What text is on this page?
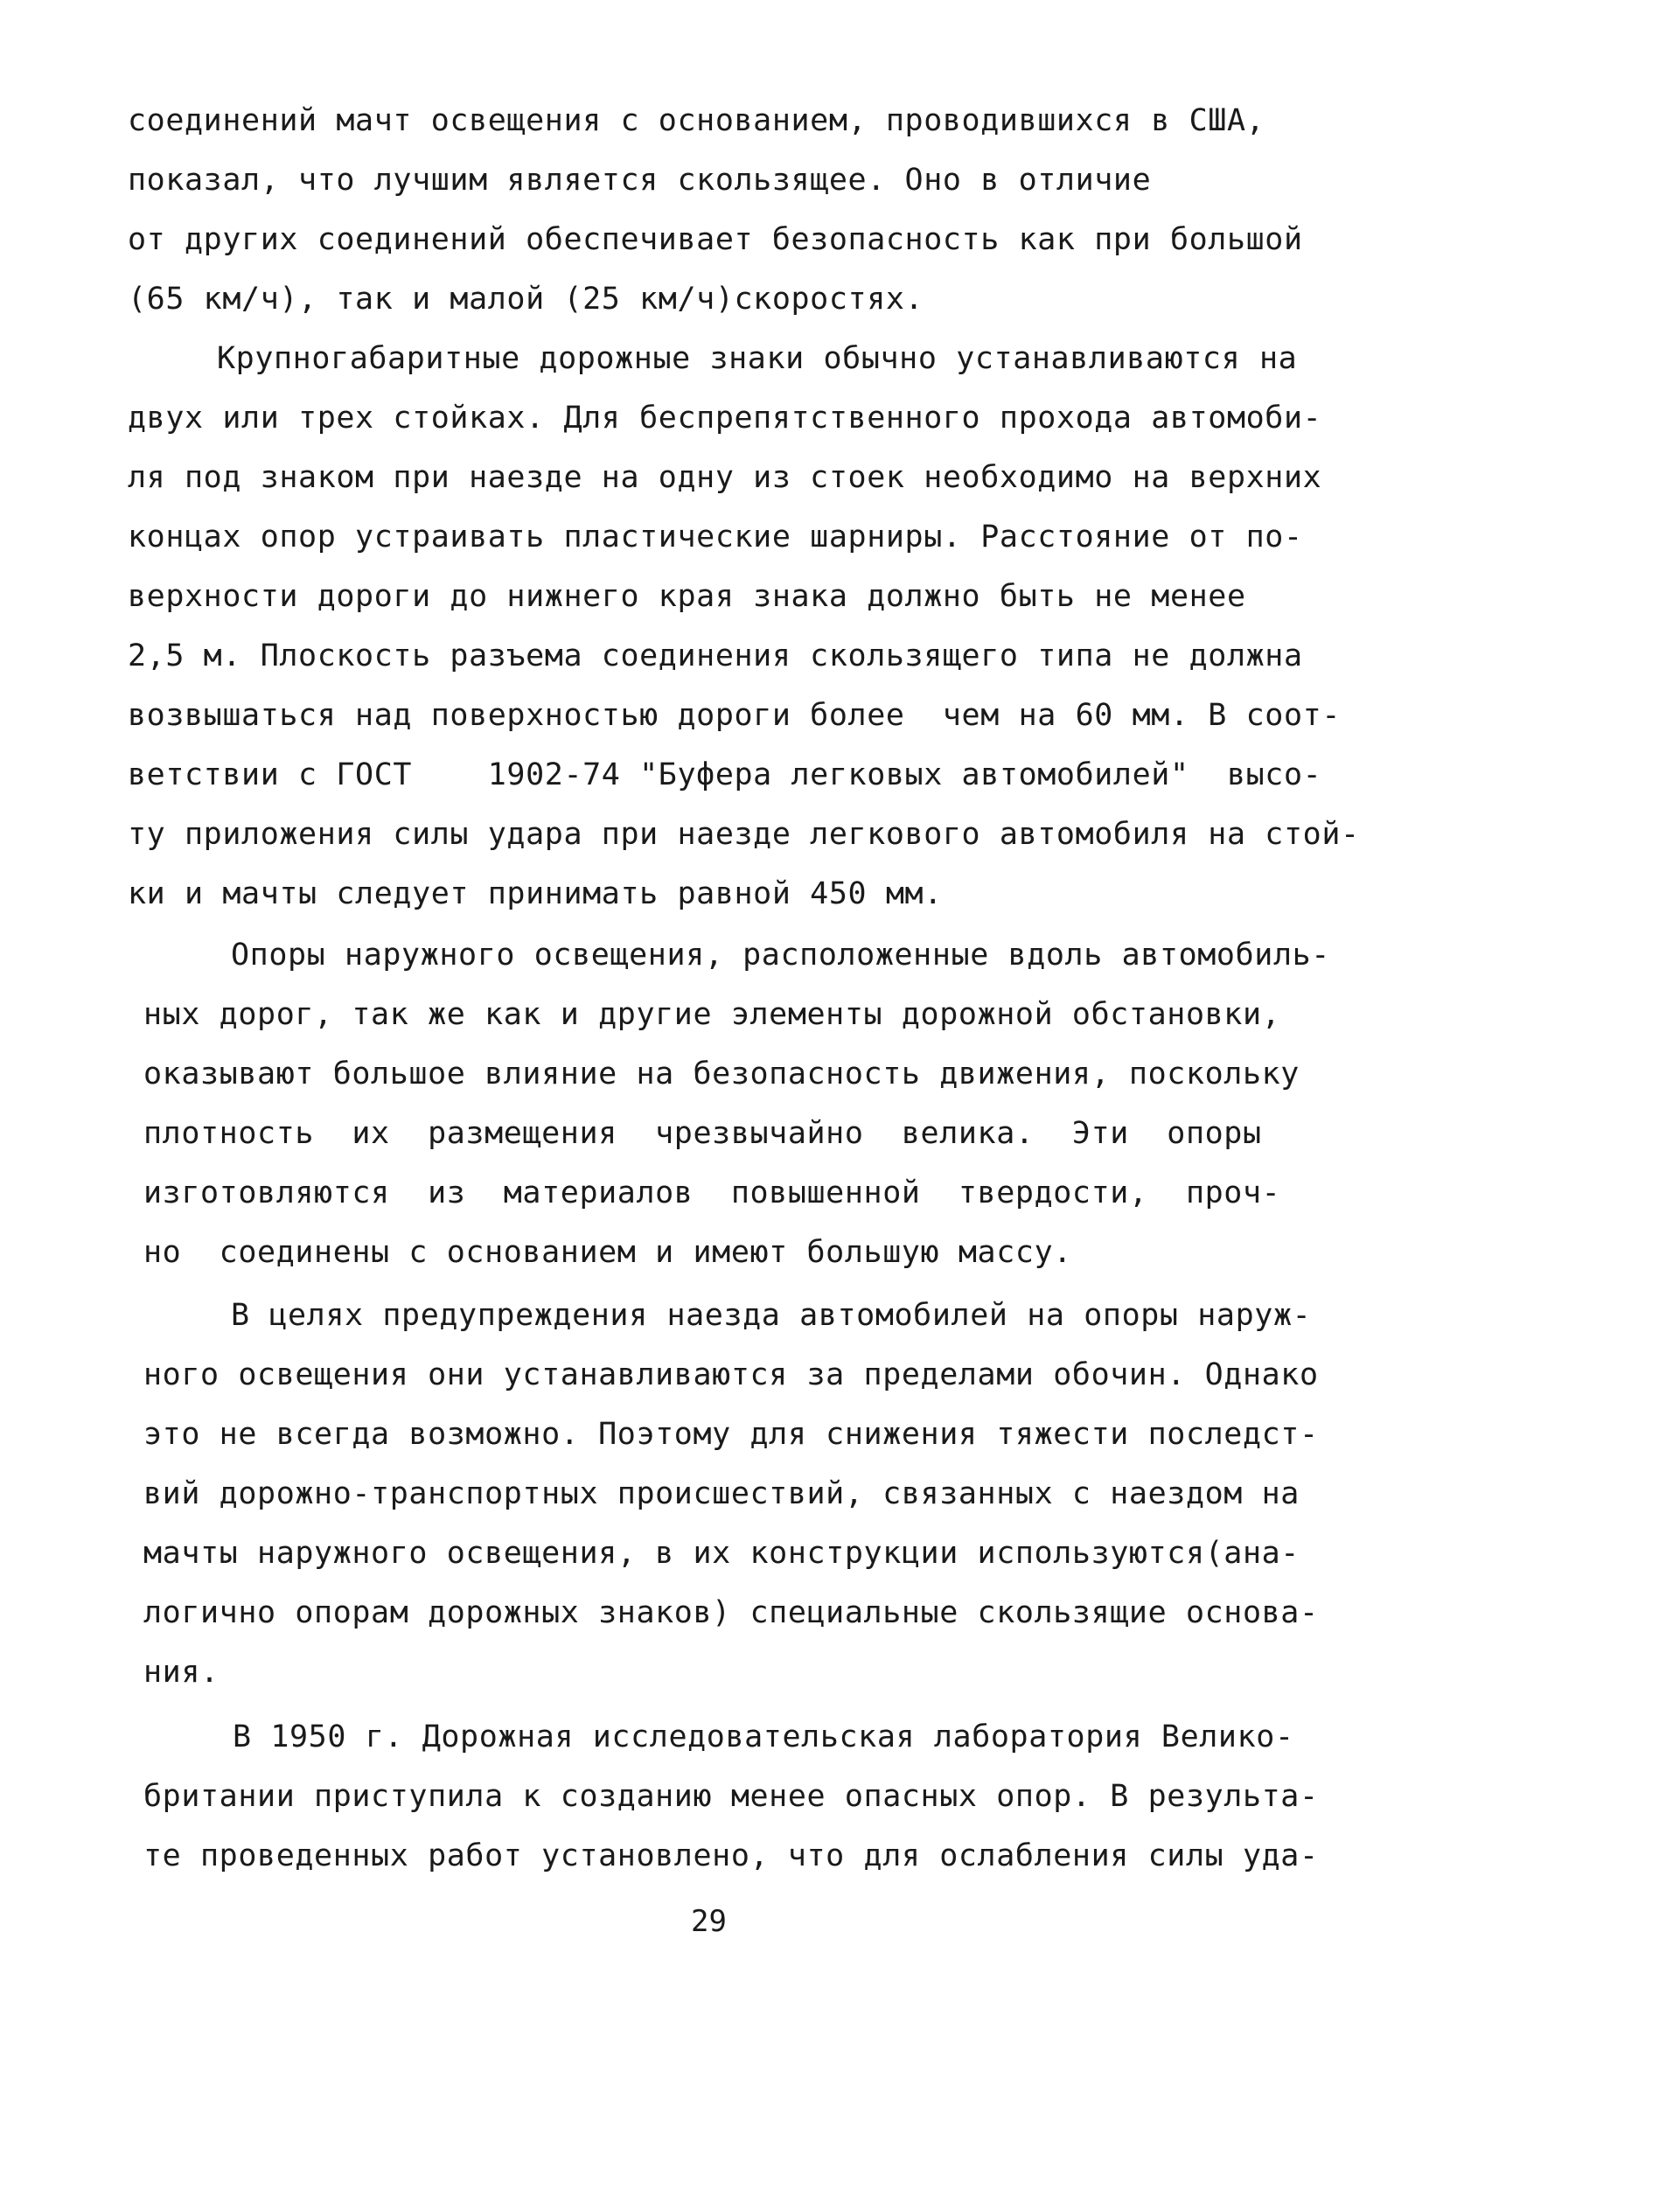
соединений мачт освещения с основанием, проводившихся в США,
показал, что лучшим является скользящее. Оно в отличие
от других соединений обеспечивает безопасность как при большой
(65 км/ч), так и малой (25 км/ч)скоростях.
Крупногабаритные дорожные знаки обычно устанавливаются на
двух или трех стойках. Для беспрепятственного прохода автомоби-
ля под знаком при наезде на одну из стоек необходимо на верхних
концах опор устраивать пластические шарниры. Расстояние от по-
верхности дороги до нижнего края знака должно быть не менее
2,5 м. Плоскость разъема соединения скользящего типа не должна
возвышаться над поверхностью дороги более  чем на 60 мм. В соот-
ветствии с ГОСТ    1902-74 "Буфера легковых автомобилей"  высо-
ту приложения силы удара при наезде легкового автомобиля на стой-
ки и мачты следует принимать равной 450 мм.
Опоры наружного освещения, расположенные вдоль автомобиль-
ных дорог, так же как и другие элементы дорожной обстановки,
оказывают большое влияние на безопасность движения, поскольку
плотность  их  размещения  чрезвычайно  велика.  Эти  опоры
изготовляются  из  материалов  повышенной  твердости,  проч-
но  соединены с основанием и имеют большую массу.
В целях предупреждения наезда автомобилей на опоры наруж-
ного освещения они устанавливаются за пределами обочин. Однако
это не всегда возможно. Поэтому для снижения тяжести последст-
вий дорожно-транспортных происшествий, связанных с наездом на
мачты наружного освещения, в их конструкции используются(ана-
логично опорам дорожных знаков) специальные скользящие основа-
ния.
В 1950 г. Дорожная исследовательская лаборатория Велико-
британии приступила к созданию менее опасных опор. В результа-
те проведенных работ установлено, что для ослабления силы уда-
29
